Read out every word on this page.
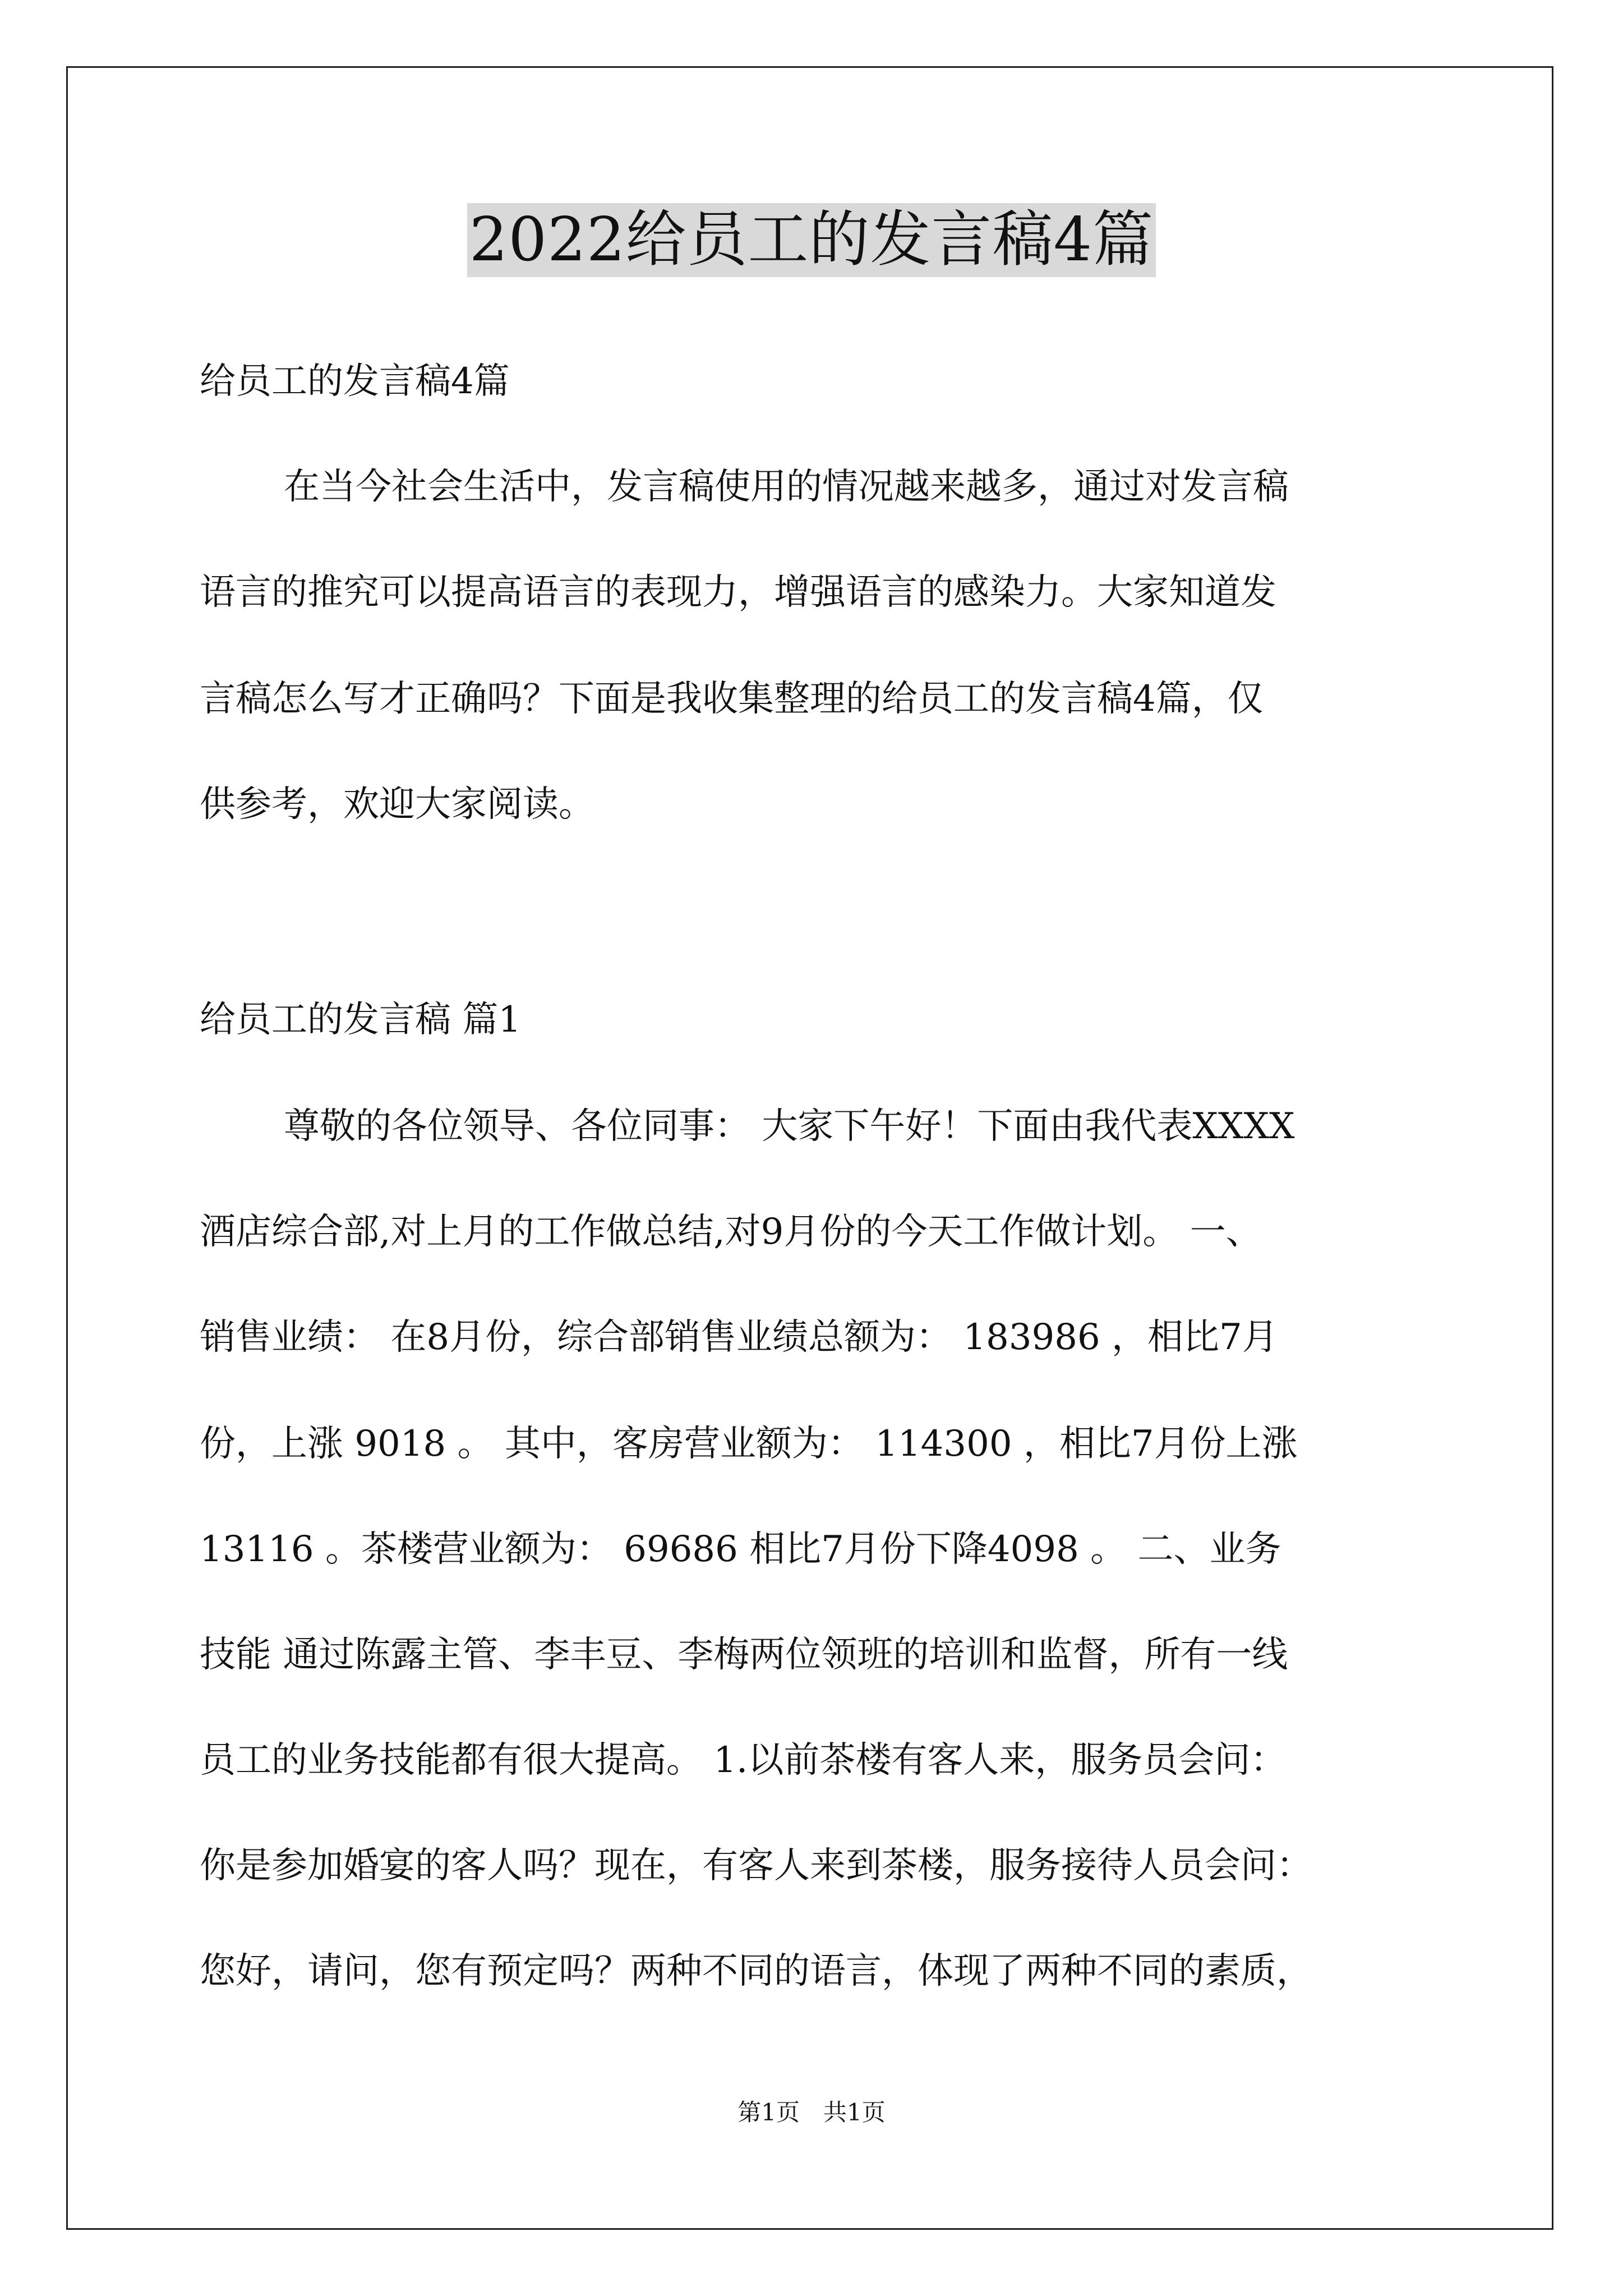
2022给员工的发言稿4篇
给员工的发言稿4篇
在当今社会生活中，发言稿使用的情况越来越多，通过对发言稿
语言的推究可以提高语言的表现力，增强语言的感染力。大家知道发
言稿怎么写才正确吗？下面是我收集整理的给员工的发言稿4篇，仅
供参考，欢迎大家阅读。
给员工的发言稿 篇1
尊敬的各位领导、各位同事： 大家下午好！下面由我代表XXXX
酒店综合部,对上月的工作做总结,对9月份的今天工作做计划。 一、
销售业绩： 在8月份，综合部销售业绩总额为： 183986 ，相比7月
份，上涨 9018 。 其中，客房营业额为： 114300 ，相比7月份上涨
13116 。茶楼营业额为： 69686 相比7月份下降4098 。 二、业务
技能 通过陈露主管、李丰豆、李梅两位领班的培训和监督，所有一线
员工的业务技能都有很大提高。 1.以前茶楼有客人来，服务员会问：
你是参加婚宴的客人吗？现在，有客人来到茶楼，服务接待人员会问：
您好，请问，您有预定吗？两种不同的语言，体现了两种不同的素质，
第1页　共1页
